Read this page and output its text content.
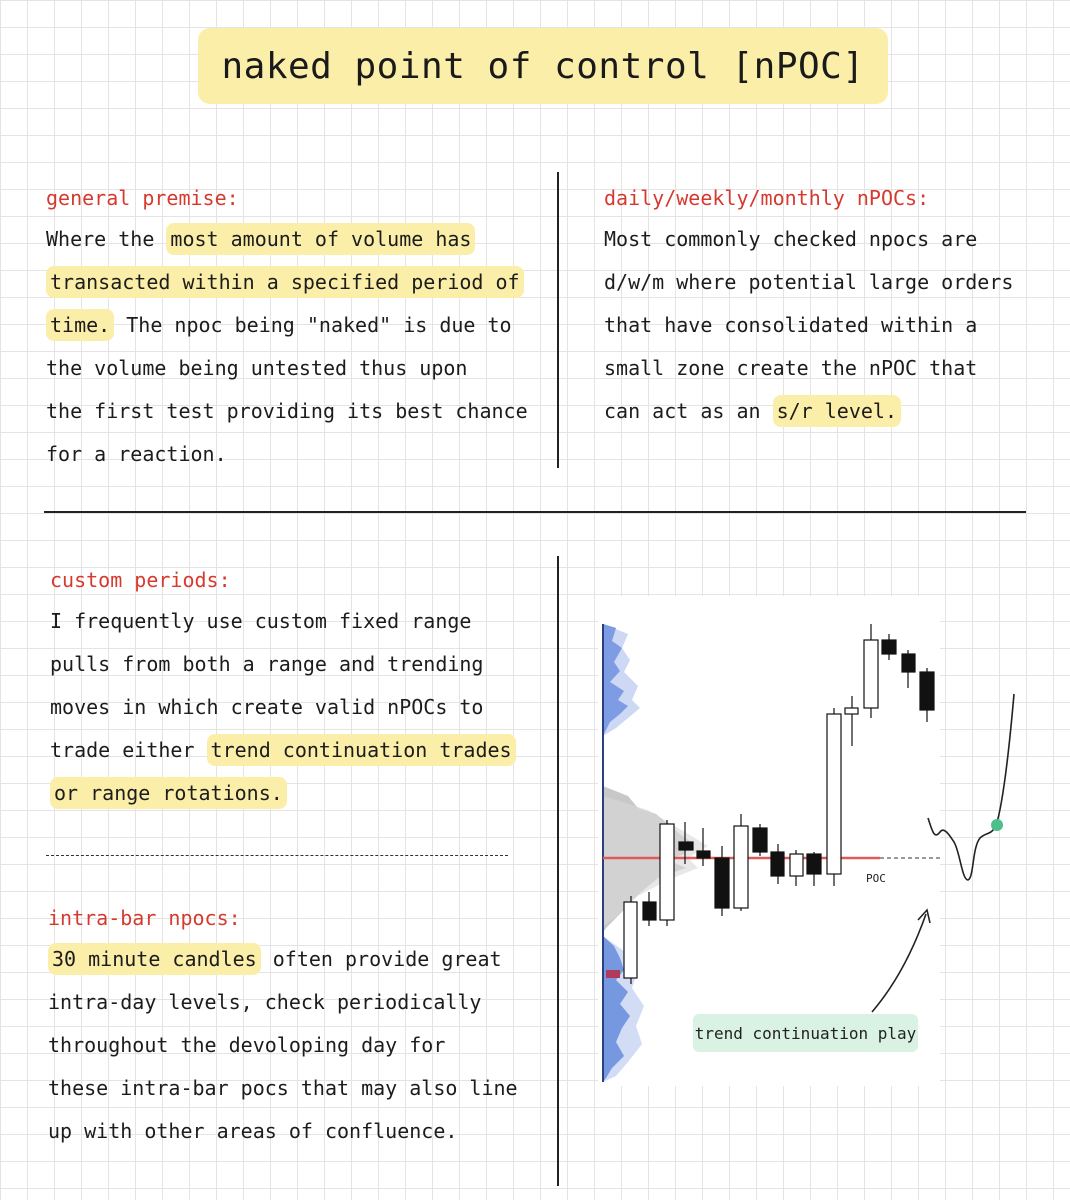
naked point of control [nPOC]
general premise:
Where the most amount of volume has
transacted within a specified period of
time. The npoc being "naked" is due to
the volume being untested thus upon
the first test providing its best chance
for a reaction.
daily/weekly/monthly nPOCs:
Most commonly checked npocs are
d/w/m where potential large orders
that have consolidated within a
small zone create the nPOC that
can act as an s/r level.
custom periods:
I frequently use custom fixed range
pulls from both a range and trending
moves in which create valid nPOCs to
trade either trend continuation trades
or range rotations.
intra-bar npocs:
30 minute candles often provide great
intra-day levels, check periodically
throughout the devoloping day for
these intra-bar pocs that may also line
up with other areas of confluence.
POC
trend continuation play
